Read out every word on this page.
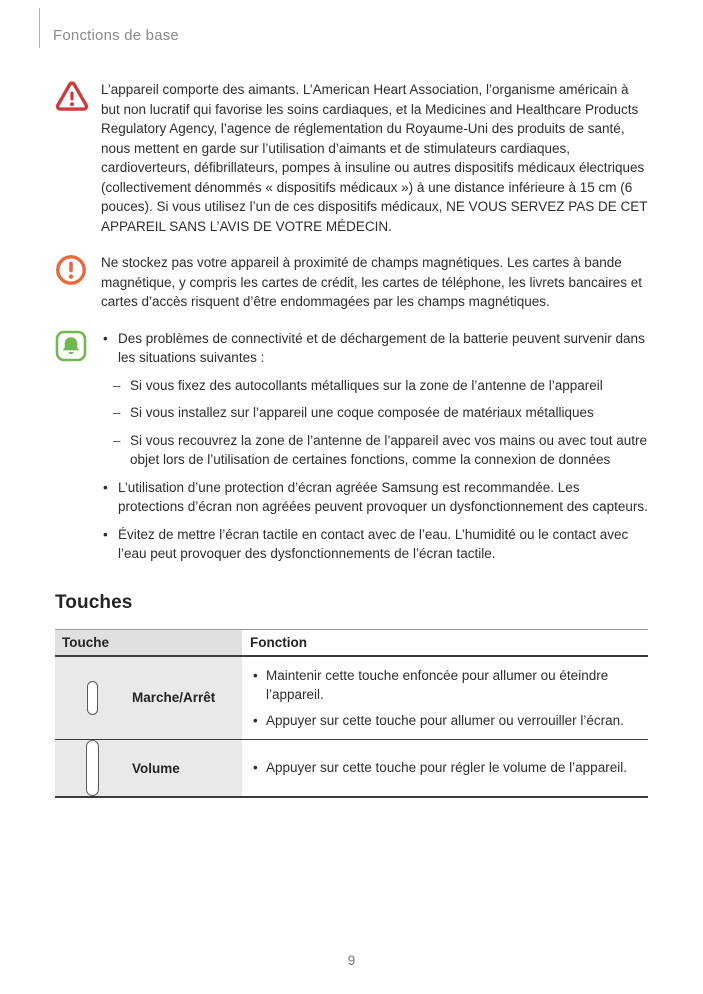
Fonctions de base
L’appareil comporte des aimants. L’American Heart Association, l’organisme américain à but non lucratif qui favorise les soins cardiaques, et la Medicines and Healthcare Products Regulatory Agency, l’agence de réglementation du Royaume-Uni des produits de santé, nous mettent en garde sur l’utilisation d’aimants et de stimulateurs cardiaques, cardioverteurs, défibrillateurs, pompes à insuline ou autres dispositifs médicaux électriques (collectivement dénommés « dispositifs médicaux ») à une distance inférieure à 15 cm (6 pouces). Si vous utilisez l’un de ces dispositifs médicaux, NE VOUS SERVEZ PAS DE CET APPAREIL SANS L’AVIS DE VOTRE MÉDECIN.
Ne stockez pas votre appareil à proximité de champs magnétiques. Les cartes à bande magnétique, y compris les cartes de crédit, les cartes de téléphone, les livrets bancaires et cartes d’accès risquent d’être endommagées par les champs magnétiques.
• Des problèmes de connectivité et de déchargement de la batterie peuvent survenir dans les situations suivantes :
– Si vous fixez des autocollants métalliques sur la zone de l’antenne de l’appareil
– Si vous installez sur l’appareil une coque composée de matériaux métalliques
– Si vous recouvrez la zone de l’antenne de l’appareil avec vos mains ou avec tout autre objet lors de l’utilisation de certaines fonctions, comme la connexion de données
• L’utilisation d’une protection d’écran agréée Samsung est recommandée. Les protections d’écran non agréées peuvent provoquer un dysfonctionnement des capteurs.
• Évitez de mettre l’écran tactile en contact avec de l’eau. L’humidité ou le contact avec l’eau peut provoquer des dysfonctionnements de l’écran tactile.
Touches
Touche	Fonction
Marche/Arrêt
• Maintenir cette touche enfoncée pour allumer ou éteindre l’appareil.
• Appuyer sur cette touche pour allumer ou verrouiller l’écran.
Volume	• Appuyer sur cette touche pour régler le volume de l’appareil.
9
